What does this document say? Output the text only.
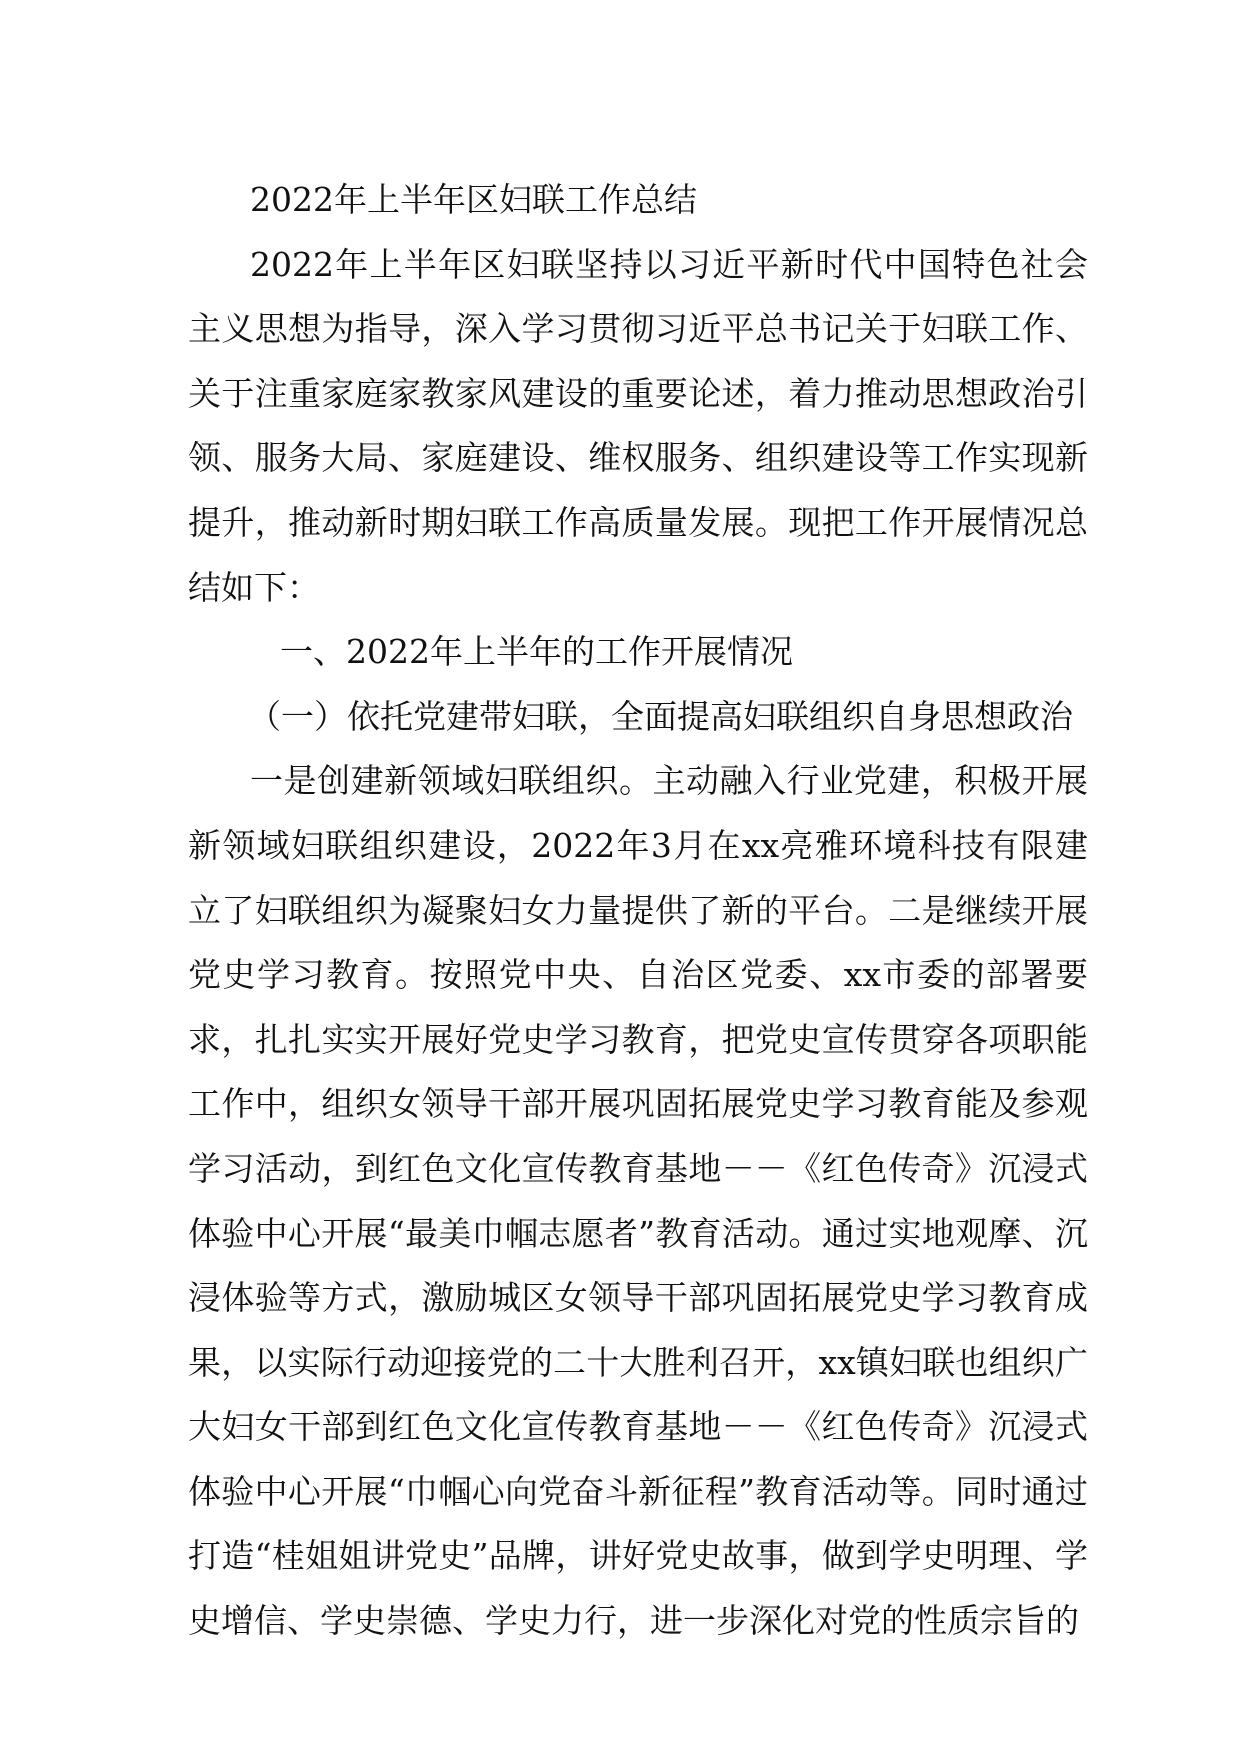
2022年上半年区妇联工作总结

2022年上半年区妇联坚持以习近平新时代中国特色社会主义思想为指导，深入学习贯彻习近平总书记关于妇联工作、关于注重家庭家教家风建设的重要论述，着力推动思想政治引领、服务大局、家庭建设、维权服务、组织建设等工作实现新提升，推动新时期妇联工作高质量发展。现把工作开展情况总结如下：

一、2022年上半年的工作开展情况

（一）依托党建带妇联，全面提高妇联组织自身思想政治

一是创建新领域妇联组织。主动融入行业党建，积极开展新领域妇联组织建设，2022年3月在xx亮雅环境科技有限建立了妇联组织为凝聚妇女力量提供了新的平台。二是继续开展党史学习教育。按照党中央、自治区党委、xx市委的部署要求，扎扎实实开展好党史学习教育，把党史宣传贯穿各项职能工作中，组织女领导干部开展巩固拓展党史学习教育能及参观学习活动，到红色文化宣传教育基地－－《红色传奇》沉浸式体验中心开展“最美巾帼志愿者”教育活动。通过实地观摩、沉浸体验等方式，激励城区女领导干部巩固拓展党史学习教育成果，以实际行动迎接党的二十大胜利召开，xx镇妇联也组织广大妇女干部到红色文化宣传教育基地－－《红色传奇》沉浸式体验中心开展“巾帼心向党奋斗新征程”教育活动等。同时通过打造“桂姐姐讲党史”品牌，讲好党史故事，做到学史明理、学史增信、学史崇德、学史力行，进一步深化对党的性质宗旨的
